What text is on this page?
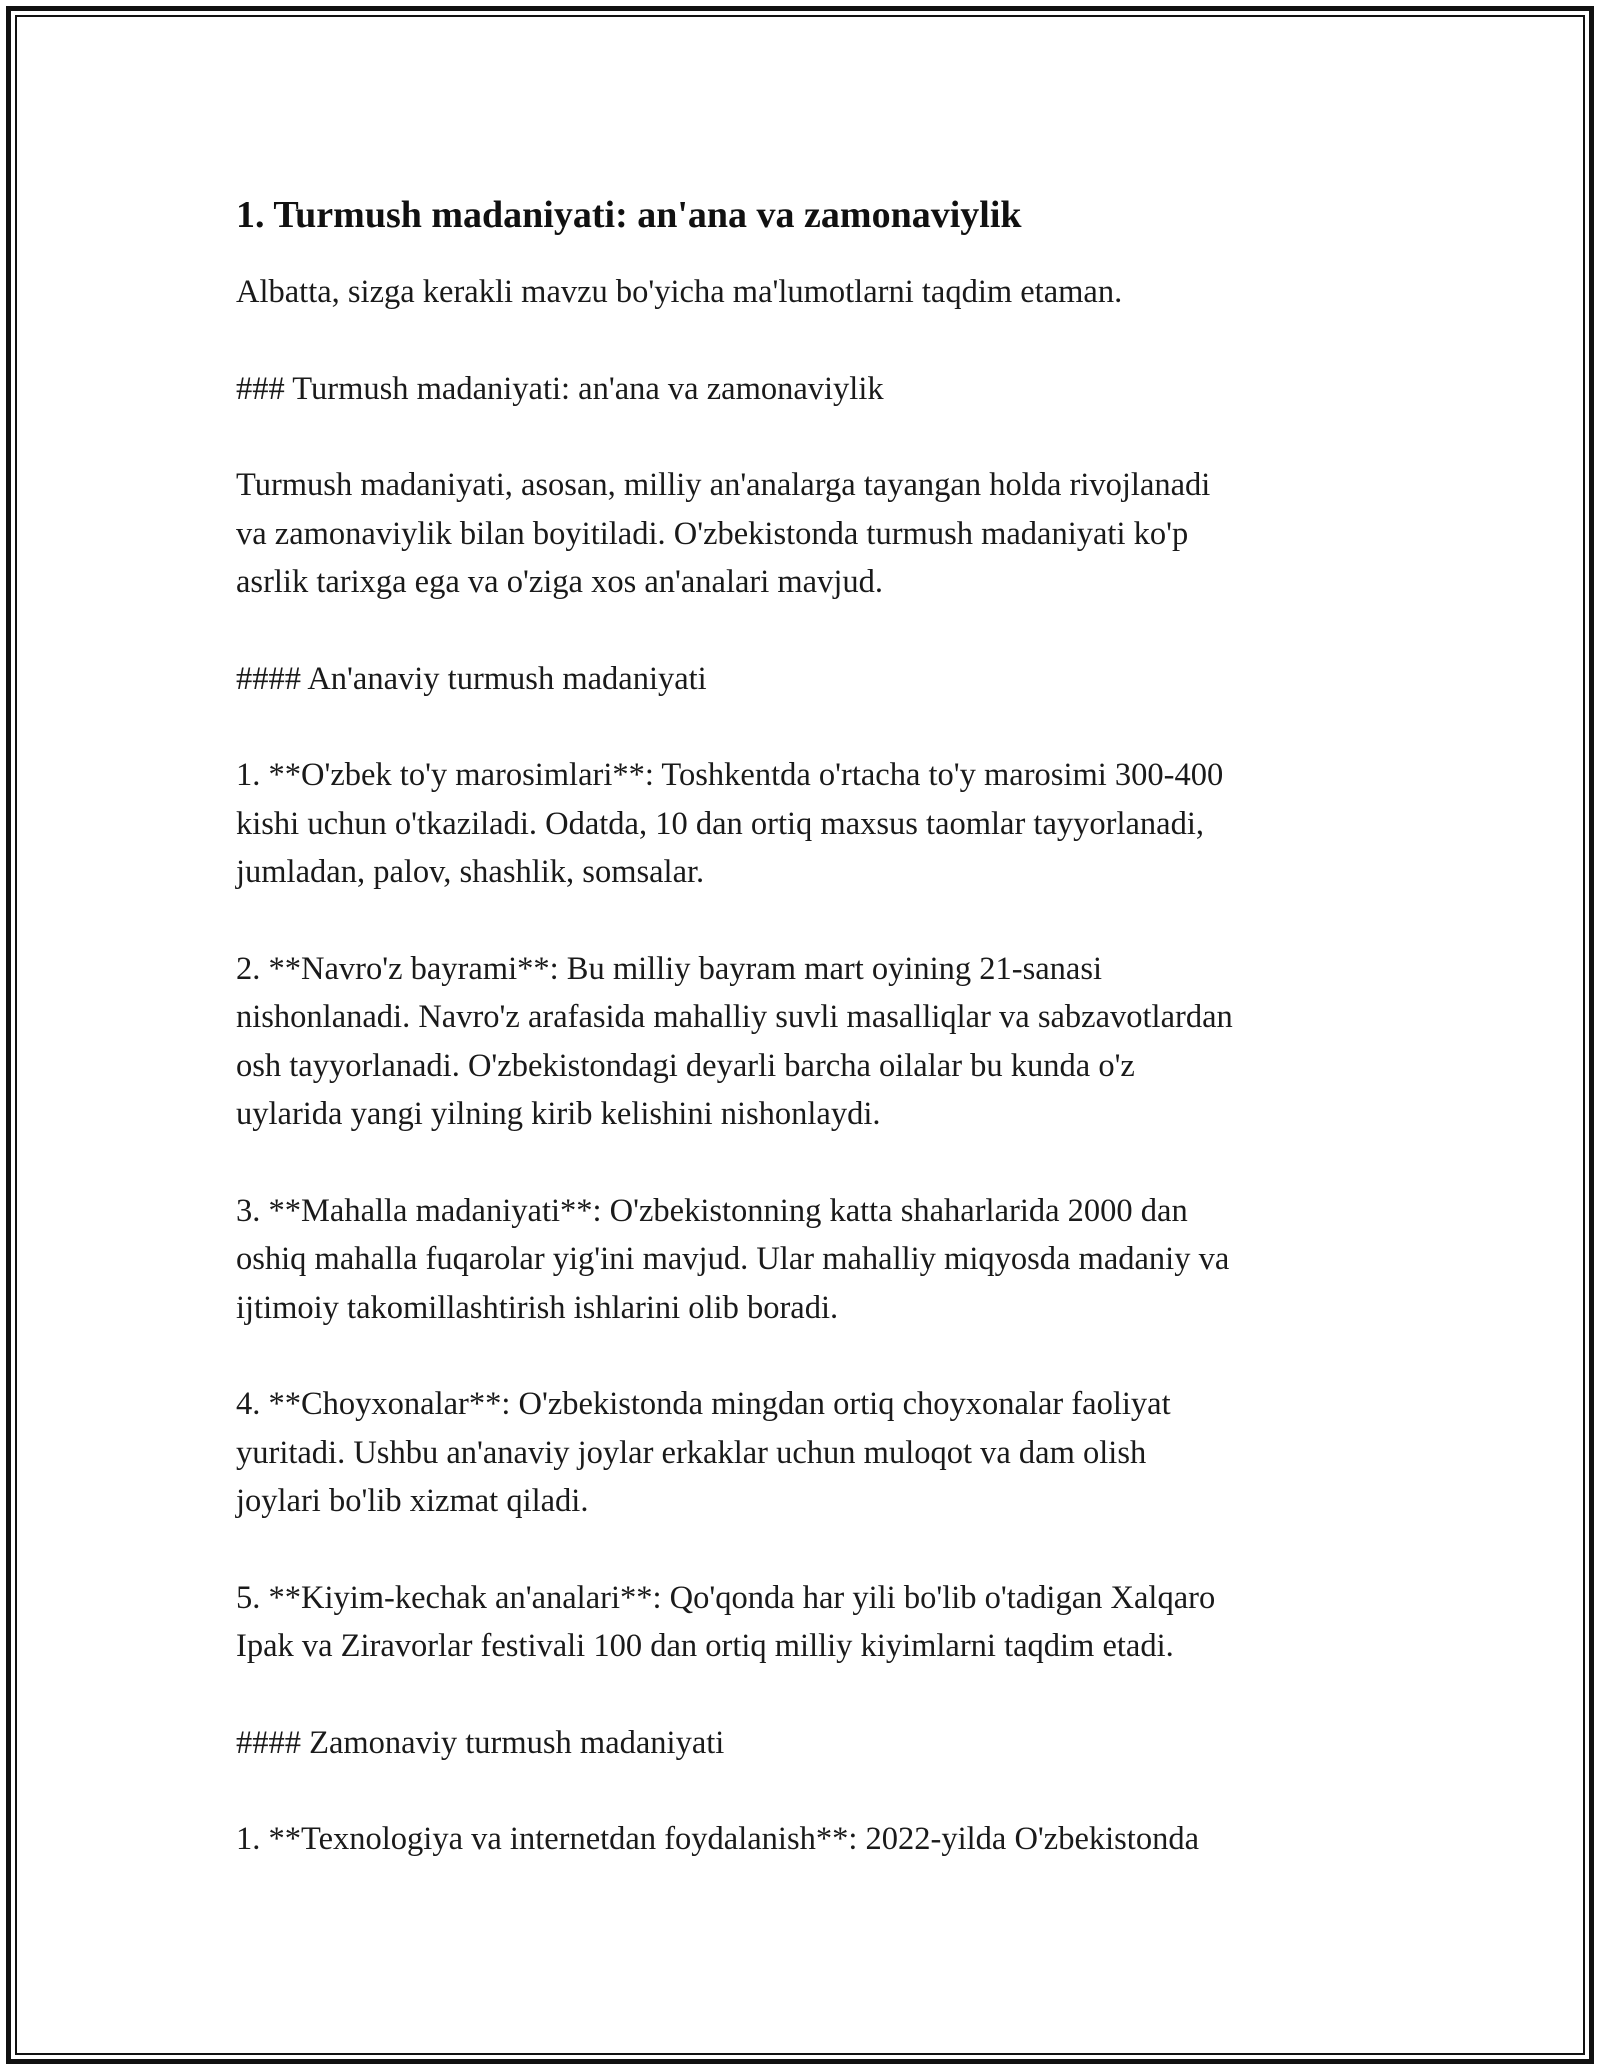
1. Turmush madaniyati: an'ana va zamonaviylik

Albatta, sizga kerakli mavzu bo'yicha ma'lumotlarni taqdim etaman.

### Turmush madaniyati: an'ana va zamonaviylik

Turmush madaniyati, asosan, milliy an'analarga tayangan holda rivojlanadi
va zamonaviylik bilan boyitiladi. O'zbekistonda turmush madaniyati ko'p
asrlik tarixga ega va o'ziga xos an'analari mavjud.

#### An'anaviy turmush madaniyati

1. **O'zbek to'y marosimlari**: Toshkentda o'rtacha to'y marosimi 300-400
kishi uchun o'tkaziladi. Odatda, 10 dan ortiq maxsus taomlar tayyorlanadi,
jumladan, palov, shashlik, somsalar.

2. **Navro'z bayrami**: Bu milliy bayram mart oyining 21-sanasi
nishonlanadi. Navro'z arafasida mahalliy suvli masalliqlar va sabzavotlardan
osh tayyorlanadi. O'zbekistondagi deyarli barcha oilalar bu kunda o'z
uylarida yangi yilning kirib kelishini nishonlaydi.

3. **Mahalla madaniyati**: O'zbekistonning katta shaharlarida 2000 dan
oshiq mahalla fuqarolar yig'ini mavjud. Ular mahalliy miqyosda madaniy va
ijtimoiy takomillashtirish ishlarini olib boradi.

4. **Choyxonalar**: O'zbekistonda mingdan ortiq choyxonalar faoliyat
yuritadi. Ushbu an'anaviy joylar erkaklar uchun muloqot va dam olish
joylari bo'lib xizmat qiladi.

5. **Kiyim-kechak an'analari**: Qo'qonda har yili bo'lib o'tadigan Xalqaro
Ipak va Ziravorlar festivali 100 dan ortiq milliy kiyimlarni taqdim etadi.

#### Zamonaviy turmush madaniyati

1. **Texnologiya va internetdan foydalanish**: 2022-yilda O'zbekistonda
